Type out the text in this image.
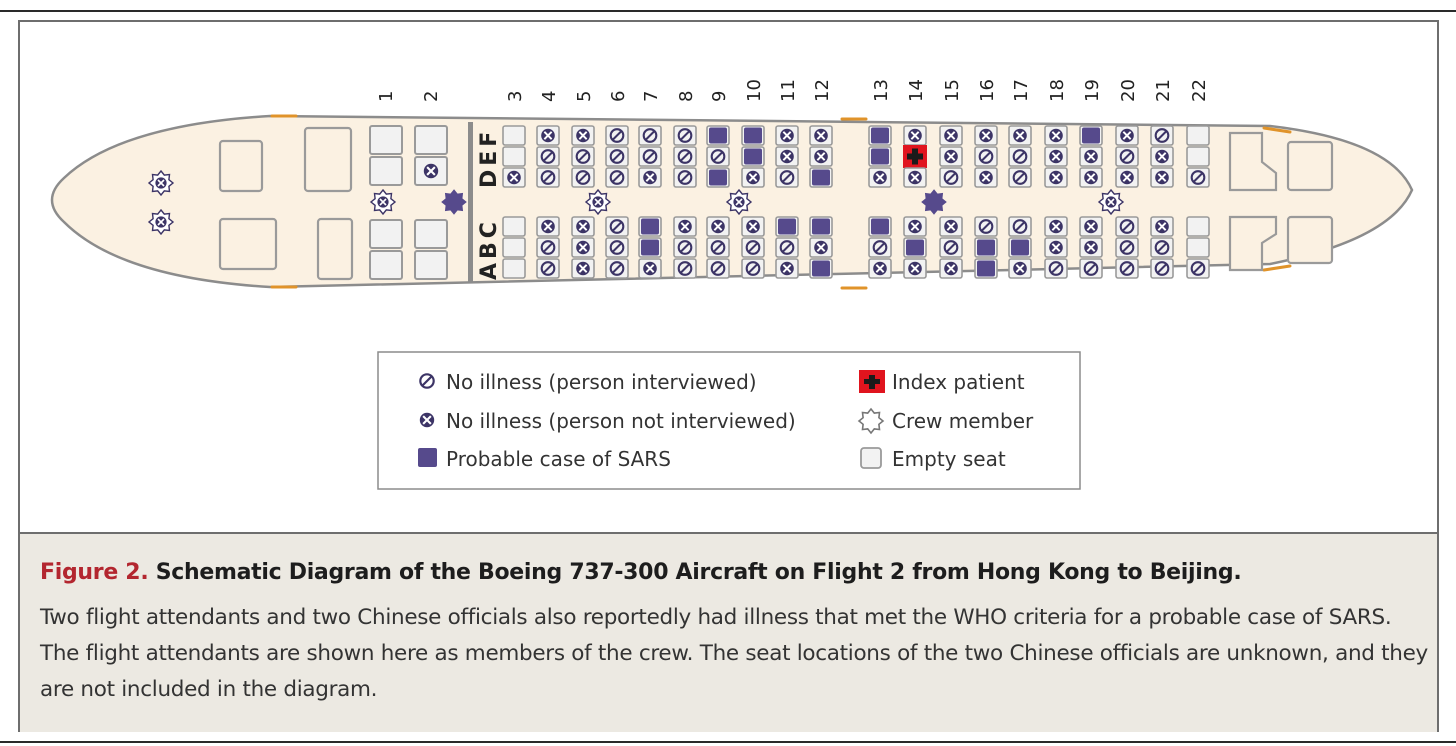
DEF
ABC
1 2	3 4 5 6 7 8 9 10 11 12 13 14 15 16 17 18 19 20 21 22
No illness (person interviewed)
No illness (person not interviewed)
Probable case of SARS
Index patient
Crew member
Empty seat
Figure 2. Schematic Diagram of the Boeing 737-300 Aircraft on Flight 2 from Hong Kong to Beijing.
Two flight attendants and two Chinese officials also reportedly had illness that met the WHO criteria for a probable case of SARS. The flight attendants are shown here as members of the crew. The seat locations of the two Chinese officials are unknown, and they are not included in the diagram.
